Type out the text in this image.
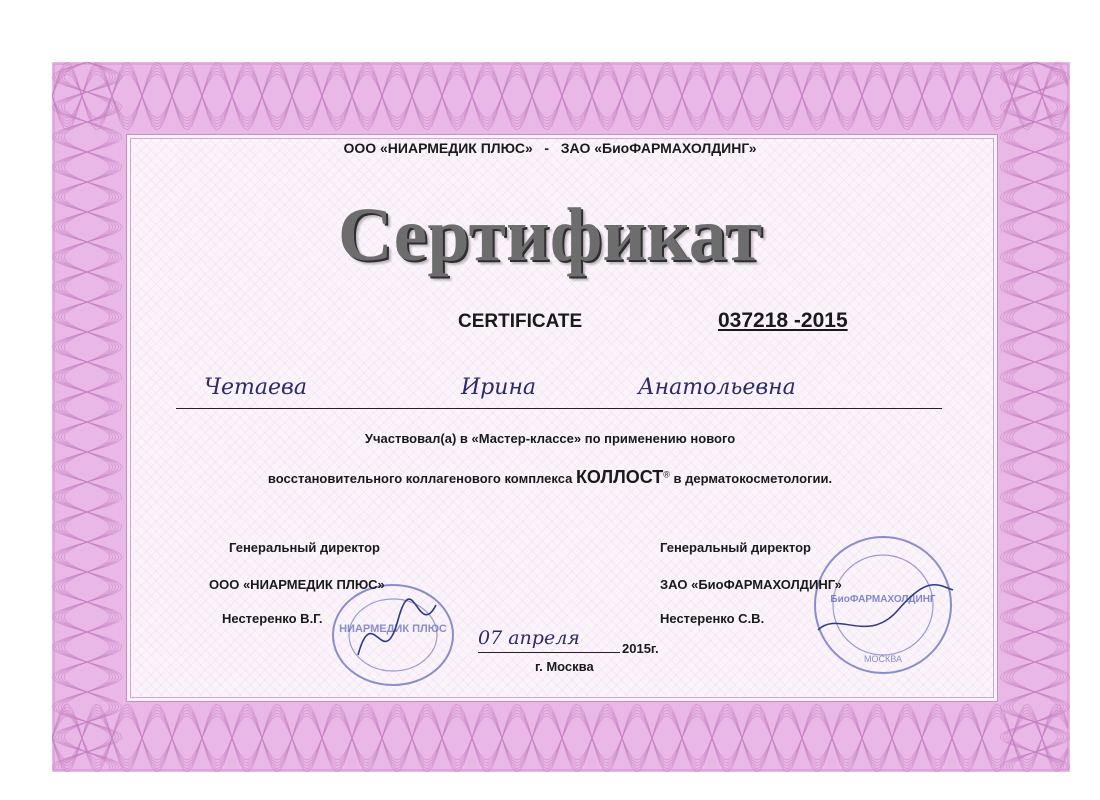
ООО «НИАРМЕДИК ПЛЮС» - ЗАО «БиоФАРМАХОЛДИНГ»
Сертификат
CERTIFICATE	037218 -2015
Четаева	Ирина	Анатольевна
Участвовал(а) в «Мастер-классе» по применению нового
восстановительного коллагенового комплекса КОЛЛОСТ® в дерматокосметологии.
НИАРМЕДИК ПЛЮС
БиоФАРМАХОЛДИНГ
МОСКВА
Генеральный директор
ООО «НИАРМЕДИК ПЛЮС»
Нестеренко В.Г.
Генеральный директор
ЗАО «БиоФАРМАХОЛДИНГ»
Нестеренко С.В.
07 апреля	2015г.
г. Москва
